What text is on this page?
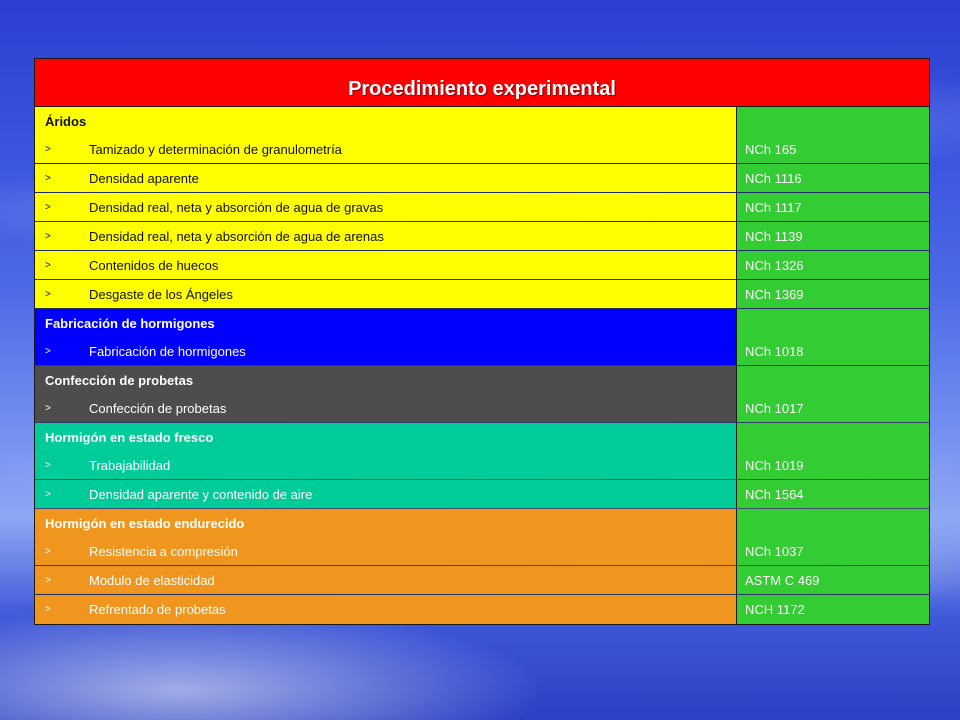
Procedimiento experimental
Áridos
>	Tamizado y determinación de granulometría	NCh 165
>	Densidad aparente	NCh 1116
>	Densidad real, neta y absorción de agua de gravas	NCh 1117
>	Densidad real, neta y absorción de agua de arenas	NCh 1139
>	Contenidos de huecos	NCh 1326
>	Desgaste de los Ángeles	NCh 1369
Fabricación de hormigones
>	Fabricación de hormigones	NCh 1018
Confección de probetas
>	Confección de probetas	NCh 1017
Hormigón en estado fresco
>	Trabajabilidad	NCh 1019
>	Densidad aparente y contenido de aire	NCh 1564
Hormigón en estado endurecido
>	Resistencia a compresión	NCh 1037
>	Modulo de elasticidad	ASTM C 469
>	Refrentado de probetas	NCH 1172
